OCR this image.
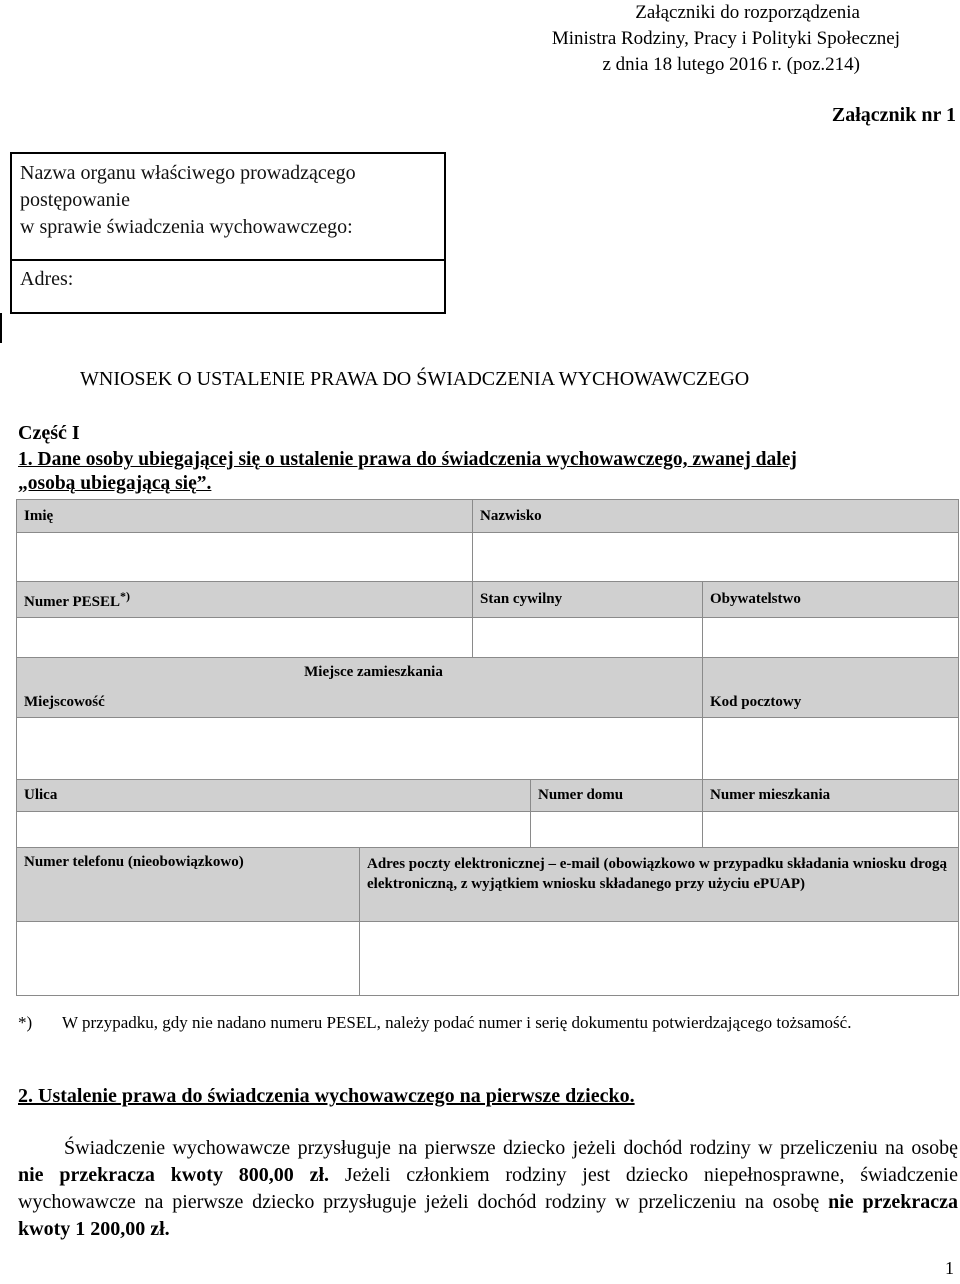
Załączniki do rozporządzenia
Ministra Rodziny, Pracy i Polityki Społecznej
z dnia 18 lutego 2016 r. (poz.214)
Załącznik nr 1
Nazwa organu właściwego prowadzącego
postępowanie
w sprawie świadczenia wychowawczego:
Adres:
WNIOSEK O USTALENIE PRAWA DO ŚWIADCZENIA WYCHOWAWCZEGO
Część I
1. Dane osoby ubiegającej się o ustalenie prawa do świadczenia wychowawczego, zwanej dalej
„osobą ubiegającą się”.
Imię	Nazwisko		

Numer PESEL*)	Stan cywilny		Obywatelstwo

Miejsce zamieszkania			
Miejscowość			Kod pocztowy

Ulica		Numer domu	Numer mieszkania

Numer telefonu (nieobowiązkowo)	Adres poczty elektronicznej – e-mail (obowiązkowo w przypadku składania wniosku drogą elektroniczną, z wyjątkiem wniosku składanego przy użyciu ePUAP)

*) W przypadku, gdy nie nadano numeru PESEL, należy podać numer i serię dokumentu potwierdzającego tożsamość.
2. Ustalenie prawa do świadczenia wychowawczego na pierwsze dziecko.

Świadczenie wychowawcze przysługuje na pierwsze dziecko jeżeli dochód rodziny w przeliczeniu na osobę nie przekracza kwoty 800,00 zł. Jeżeli członkiem rodziny jest dziecko niepełnosprawne, świadczenie wychowawcze na pierwsze dziecko przysługuje jeżeli dochód rodziny w przeliczeniu na osobę nie przekracza kwoty 1 200,00 zł.

1
